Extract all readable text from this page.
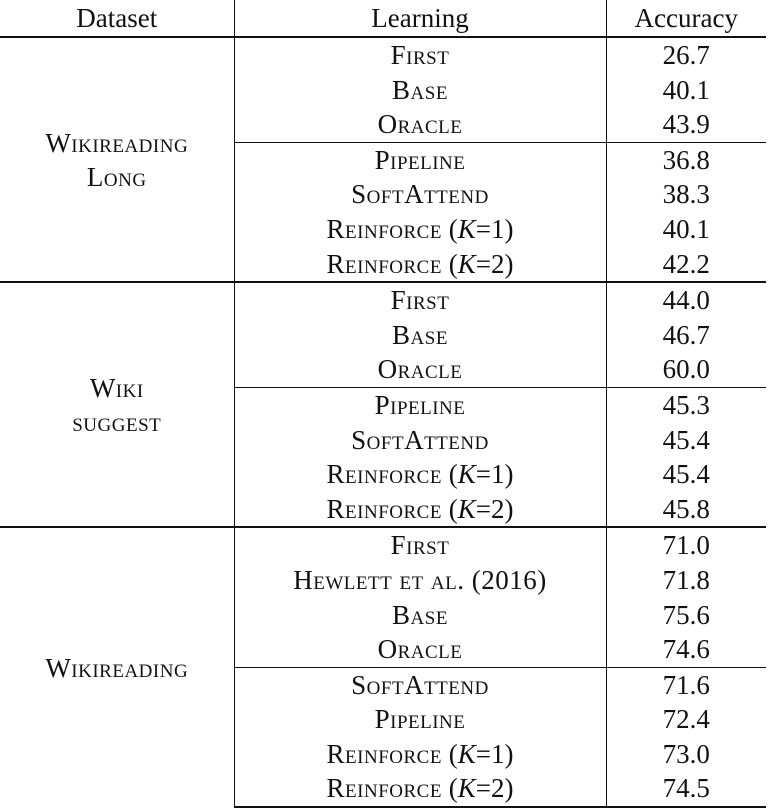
Dataset	Learning	Accuracy

Wikireading
Long	First	26.7
	Base	40.1
	Oracle	43.9
	Pipeline	36.8
	SoftAttend	38.3
	Reinforce (K=1)	40.1
	Reinforce (K=2)	42.2

Wiki
suggest	First	44.0
	Base	46.7
	Oracle	60.0
	Pipeline	45.3
	SoftAttend	45.4
	Reinforce (K=1)	45.4
	Reinforce (K=2)	45.8

Wikireading	First	71.0
	Hewlett et al. (2016)	71.8
	Base	75.6
	Oracle	74.6
	SoftAttend	71.6
	Pipeline	72.4
	Reinforce (K=1)	73.0
	Reinforce (K=2)	74.5
